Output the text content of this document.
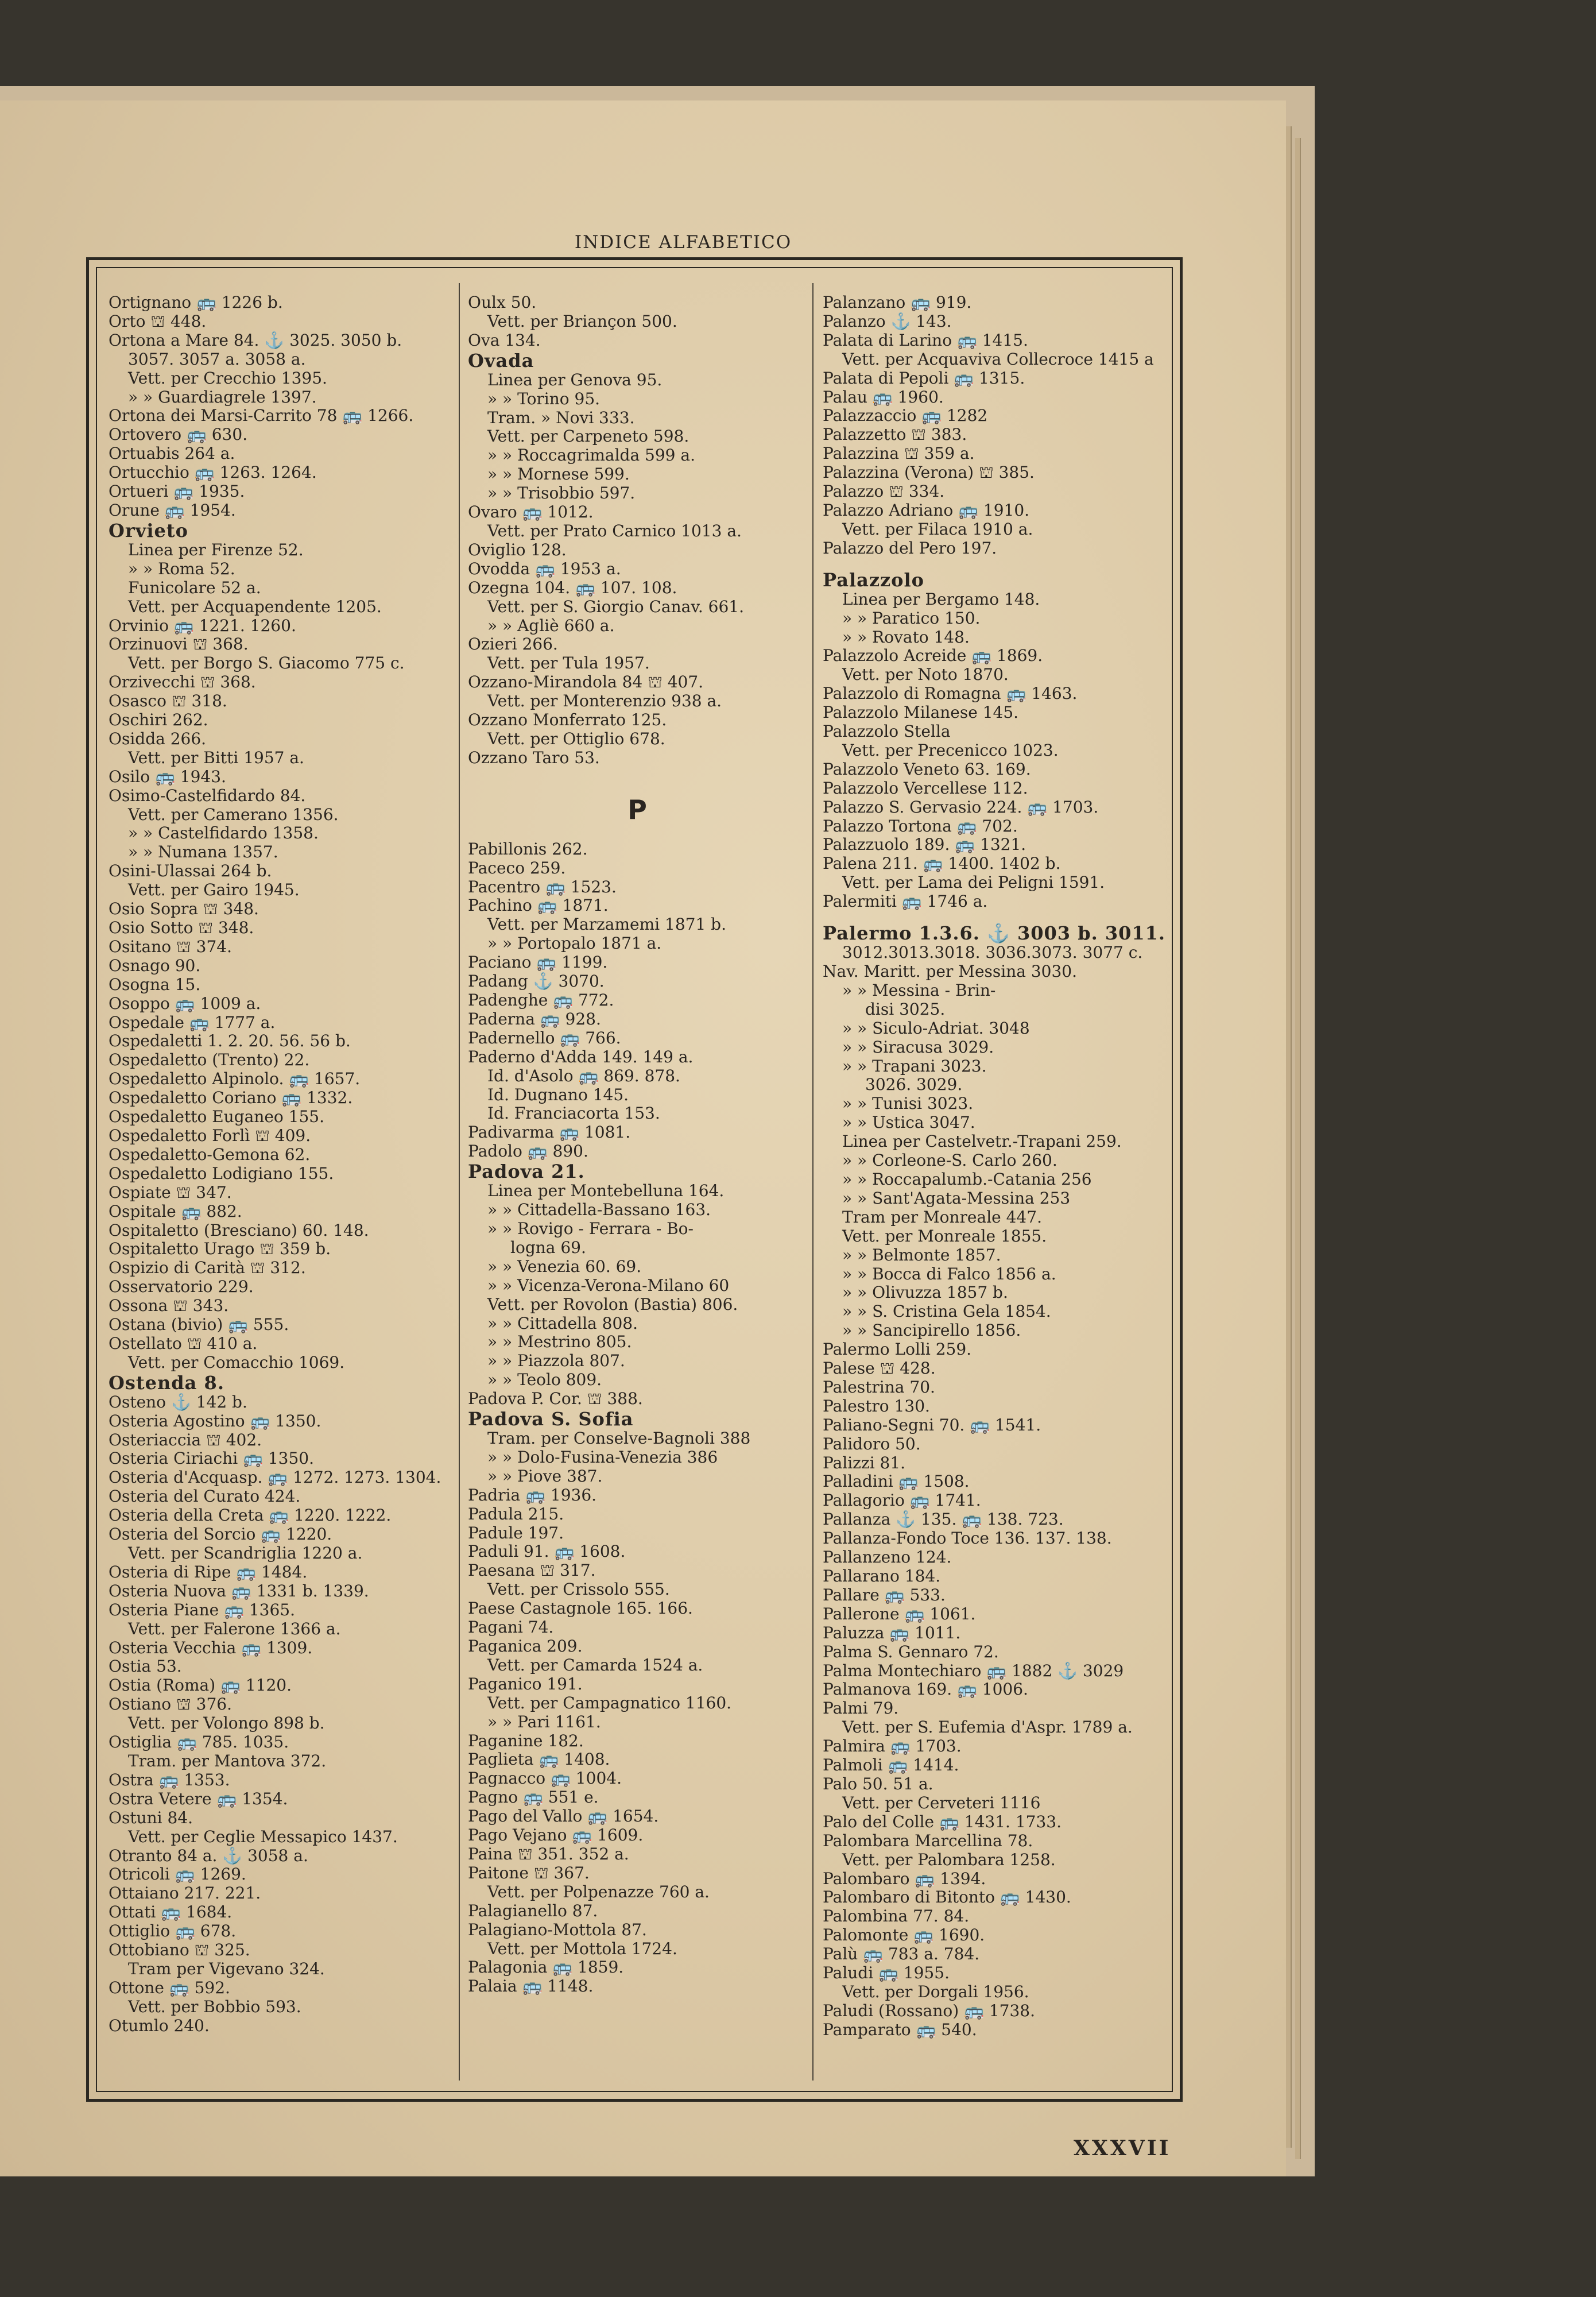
INDICE ALFABETICO
Ortignano 🚌 1226 b.
Orto ⛫ 448.
Ortona a Mare 84. ⚓ 3025. 3050 b.
3057. 3057 a. 3058 a.
Vett. per Crecchio 1395.
» » Guardiagrele 1397.
Ortona dei Marsi-Carrito 78 🚌 1266.
Ortovero 🚌 630.
Ortuabis 264 a.
Ortucchio 🚌 1263. 1264.
Ortueri 🚌 1935.
Orune 🚌 1954.
Orvieto
Linea per Firenze 52.
» » Roma 52.
Funicolare 52 a.
Vett. per Acquapendente 1205.
Orvinio 🚌 1221. 1260.
Orzinuovi ⛫ 368.
Vett. per Borgo S. Giacomo 775 c.
Orzivecchi ⛫ 368.
Osasco ⛫ 318.
Oschiri 262.
Osidda 266.
Vett. per Bitti 1957 a.
Osilo 🚌 1943.
Osimo-Castelfidardo 84.
Vett. per Camerano 1356.
» » Castelfidardo 1358.
» » Numana 1357.
Osini-Ulassai 264 b.
Vett. per Gairo 1945.
Osio Sopra ⛫ 348.
Osio Sotto ⛫ 348.
Ositano ⛫ 374.
Osnago 90.
Osogna 15.
Osoppo 🚌 1009 a.
Ospedale 🚌 1777 a.
Ospedaletti 1. 2. 20. 56. 56 b.
Ospedaletto (Trento) 22.
Ospedaletto Alpinolo. 🚌 1657.
Ospedaletto Coriano 🚌 1332.
Ospedaletto Euganeo 155.
Ospedaletto Forlì ⛫ 409.
Ospedaletto-Gemona 62.
Ospedaletto Lodigiano 155.
Ospiate ⛫ 347.
Ospitale 🚌 882.
Ospitaletto (Bresciano) 60. 148.
Ospitaletto Urago ⛫ 359 b.
Ospizio di Carità ⛫ 312.
Osservatorio 229.
Ossona ⛫ 343.
Ostana (bivio) 🚌 555.
Ostellato ⛫ 410 a.
Vett. per Comacchio 1069.
Ostenda 8.
Osteno ⚓ 142 b.
Osteria Agostino 🚌 1350.
Osteriaccia ⛫ 402.
Osteria Ciriachi 🚌 1350.
Osteria d'Acquasp. 🚌 1272. 1273. 1304.
Osteria del Curato 424.
Osteria della Creta 🚌 1220. 1222.
Osteria del Sorcio 🚌 1220.
Vett. per Scandriglia 1220 a.
Osteria di Ripe 🚌 1484.
Osteria Nuova 🚌 1331 b. 1339.
Osteria Piane 🚌 1365.
Vett. per Falerone 1366 a.
Osteria Vecchia 🚌 1309.
Ostia 53.
Ostia (Roma) 🚌 1120.
Ostiano ⛫ 376.
Vett. per Volongo 898 b.
Ostiglia 🚌 785. 1035.
Tram. per Mantova 372.
Ostra 🚌 1353.
Ostra Vetere 🚌 1354.
Ostuni 84.
Vett. per Ceglie Messapico 1437.
Otranto 84 a. ⚓ 3058 a.
Otricoli 🚌 1269.
Ottaiano 217. 221.
Ottati 🚌 1684.
Ottiglio 🚌 678.
Ottobiano ⛫ 325.
Tram per Vigevano 324.
Ottone 🚌 592.
Vett. per Bobbio 593.
Otumlo 240.
Oulx 50.
Vett. per Briançon 500.
Ova 134.
Ovada
Linea per Genova 95.
» » Torino 95.
Tram. » Novi 333.
Vett. per Carpeneto 598.
» » Roccagrimalda 599 a.
» » Mornese 599.
» » Trisobbio 597.
Ovaro 🚌 1012.
Vett. per Prato Carnico 1013 a.
Oviglio 128.
Ovodda 🚌 1953 a.
Ozegna 104. 🚌 107. 108.
Vett. per S. Giorgio Canav. 661.
» » Agliè 660 a.
Ozieri 266.
Vett. per Tula 1957.
Ozzano-Mirandola 84 ⛫ 407.
Vett. per Monterenzio 938 a.
Ozzano Monferrato 125.
Vett. per Ottiglio 678.
Ozzano Taro 53.
P
Pabillonis 262.
Paceco 259.
Pacentro 🚌 1523.
Pachino 🚌 1871.
Vett. per Marzamemi 1871 b.
» » Portopalo 1871 a.
Paciano 🚌 1199.
Padang ⚓ 3070.
Padenghe 🚌 772.
Paderna 🚌 928.
Padernello 🚌 766.
Paderno d'Adda 149. 149 a.
Id. d'Asolo 🚌 869. 878.
Id. Dugnano 145.
Id. Franciacorta 153.
Padivarma 🚌 1081.
Padolo 🚌 890.
Padova 21.
Linea per Montebelluna 164.
» » Cittadella-Bassano 163.
» » Rovigo - Ferrara - Bo-
logna 69.
» » Venezia 60. 69.
» » Vicenza-Verona-Milano 60
Vett. per Rovolon (Bastia) 806.
» » Cittadella 808.
» » Mestrino 805.
» » Piazzola 807.
» » Teolo 809.
Padova P. Cor. ⛫ 388.
Padova S. Sofia
Tram. per Conselve-Bagnoli 388
» » Dolo-Fusina-Venezia 386
» » Piove 387.
Padria 🚌 1936.
Padula 215.
Padule 197.
Paduli 91. 🚌 1608.
Paesana ⛫ 317.
Vett. per Crissolo 555.
Paese Castagnole 165. 166.
Pagani 74.
Paganica 209.
Vett. per Camarda 1524 a.
Paganico 191.
Vett. per Campagnatico 1160.
» » Pari 1161.
Paganine 182.
Paglieta 🚌 1408.
Pagnacco 🚌 1004.
Pagno 🚌 551 e.
Pago del Vallo 🚌 1654.
Pago Vejano 🚌 1609.
Paina ⛫ 351. 352 a.
Paitone ⛫ 367.
Vett. per Polpenazze 760 a.
Palagianello 87.
Palagiano-Mottola 87.
Vett. per Mottola 1724.
Palagonia 🚌 1859.
Palaia 🚌 1148.
Palanzano 🚌 919.
Palanzo ⚓ 143.
Palata di Larino 🚌 1415.
Vett. per Acquaviva Collecroce 1415 a
Palata di Pepoli 🚌 1315.
Palau 🚌 1960.
Palazzaccio 🚌 1282
Palazzetto ⛫ 383.
Palazzina ⛫ 359 a.
Palazzina (Verona) ⛫ 385.
Palazzo ⛫ 334.
Palazzo Adriano 🚌 1910.
Vett. per Filaca 1910 a.
Palazzo del Pero 197.
Palazzolo
Linea per Bergamo 148.
» » Paratico 150.
» » Rovato 148.
Palazzolo Acreide 🚌 1869.
Vett. per Noto 1870.
Palazzolo di Romagna 🚌 1463.
Palazzolo Milanese 145.
Palazzolo Stella
Vett. per Precenicco 1023.
Palazzolo Veneto 63. 169.
Palazzolo Vercellese 112.
Palazzo S. Gervasio 224. 🚌 1703.
Palazzo Tortona 🚌 702.
Palazzuolo 189. 🚌 1321.
Palena 211. 🚌 1400. 1402 b.
Vett. per Lama dei Peligni 1591.
Palermiti 🚌 1746 a.
Palermo 1.3.6. ⚓ 3003 b. 3011.
3012.3013.3018. 3036.3073. 3077 c.
Nav. Maritt. per Messina 3030.
» » Messina - Brin-
disi 3025.
» » Siculo-Adriat. 3048
» » Siracusa 3029.
» » Trapani 3023.
3026. 3029.
» » Tunisi 3023.
» » Ustica 3047.
Linea per Castelvetr.-Trapani 259.
» » Corleone-S. Carlo 260.
» » Roccapalumb.-Catania 256
» » Sant'Agata-Messina 253
Tram per Monreale 447.
Vett. per Monreale 1855.
» » Belmonte 1857.
» » Bocca di Falco 1856 a.
» » Olivuzza 1857 b.
» » S. Cristina Gela 1854.
» » Sancipirello 1856.
Palermo Lolli 259.
Palese ⛫ 428.
Palestrina 70.
Palestro 130.
Paliano-Segni 70. 🚌 1541.
Palidoro 50.
Palizzi 81.
Palladini 🚌 1508.
Pallagorio 🚌 1741.
Pallanza ⚓ 135. 🚌 138. 723.
Pallanza-Fondo Toce 136. 137. 138.
Pallanzeno 124.
Pallarano 184.
Pallare 🚌 533.
Pallerone 🚌 1061.
Paluzza 🚌 1011.
Palma S. Gennaro 72.
Palma Montechiaro 🚌 1882 ⚓ 3029
Palmanova 169. 🚌 1006.
Palmi 79.
Vett. per S. Eufemia d'Aspr. 1789 a.
Palmira 🚌 1703.
Palmoli 🚌 1414.
Palo 50. 51 a.
Vett. per Cerveteri 1116
Palo del Colle 🚌 1431. 1733.
Palombara Marcellina 78.
Vett. per Palombara 1258.
Palombaro 🚌 1394.
Palombaro di Bitonto 🚌 1430.
Palombina 77. 84.
Palomonte 🚌 1690.
Palù 🚌 783 a. 784.
Paludi 🚌 1955.
Vett. per Dorgali 1956.
Paludi (Rossano) 🚌 1738.
Pamparato 🚌 540.
XXXVII
